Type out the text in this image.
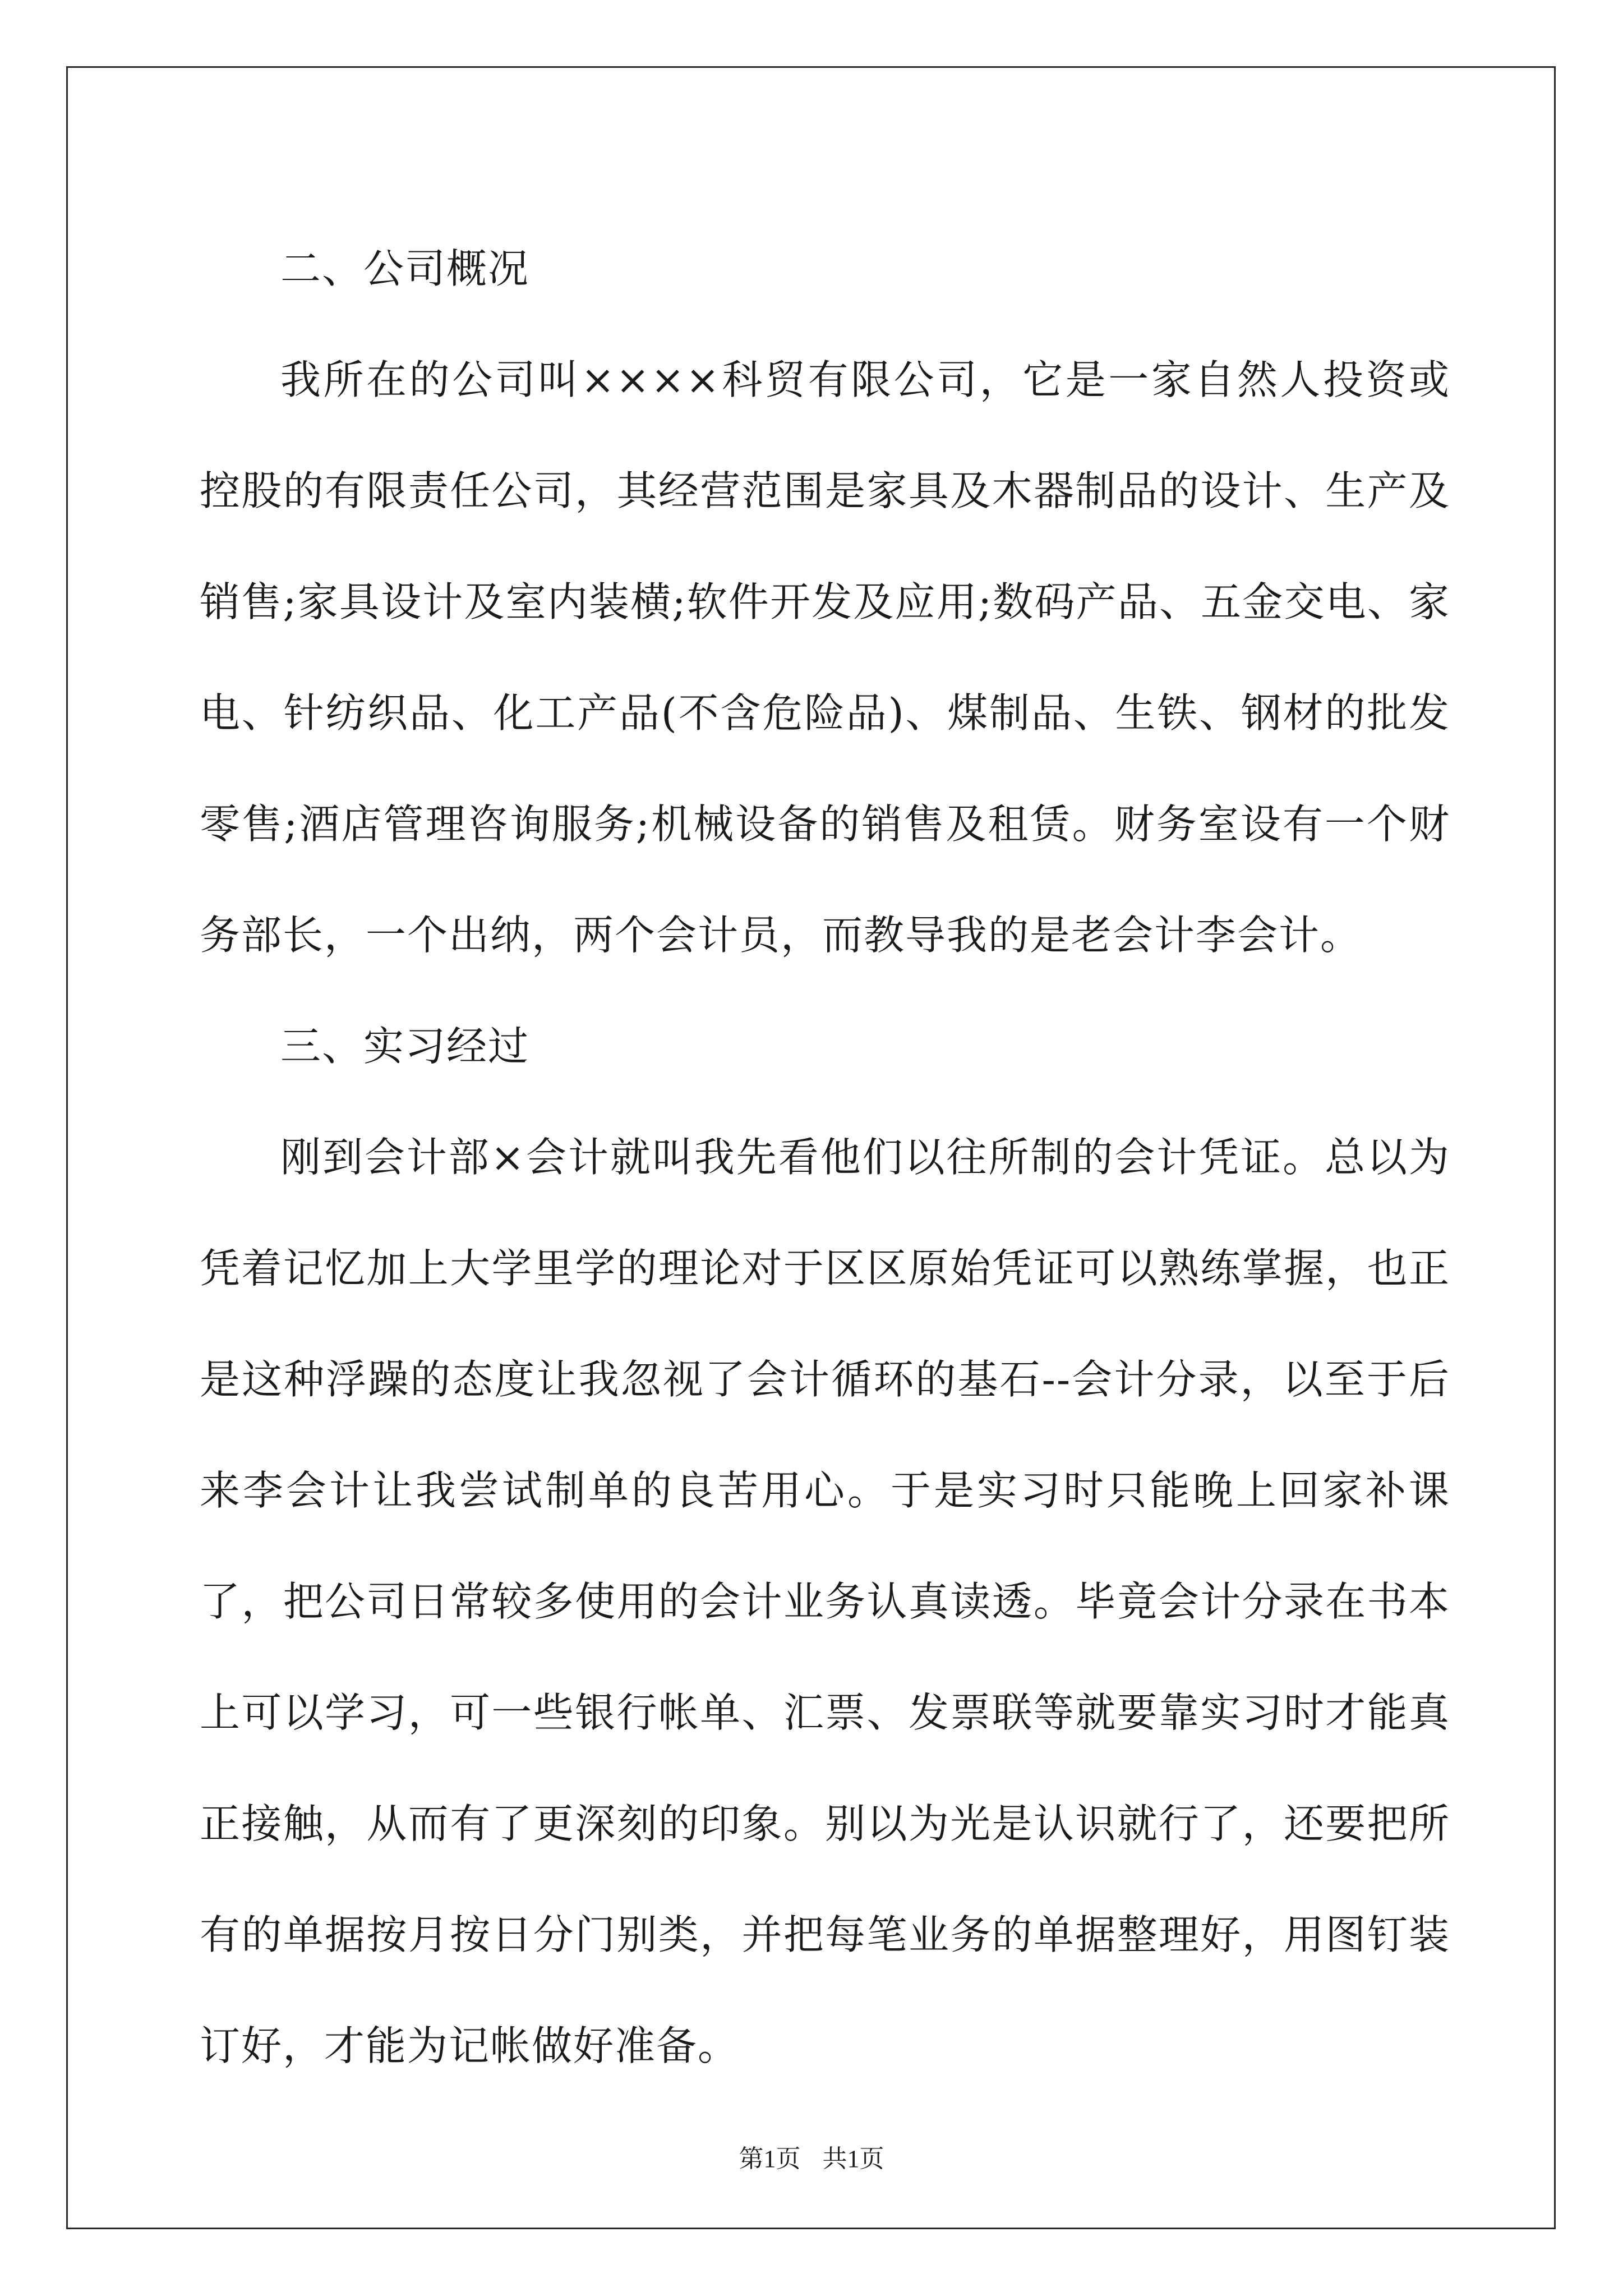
二、公司概况

我所在的公司叫××××科贸有限公司，它是一家自然人投资或控股的有限责任公司，其经营范围是家具及木器制品的设计、生产及销售;家具设计及室内装横;软件开发及应用;数码产品、五金交电、家电、针纺织品、化工产品(不含危险品)、煤制品、生铁、钢材的批发零售;酒店管理咨询服务;机械设备的销售及租赁。财务室设有一个财务部长，一个出纳，两个会计员，而教导我的是老会计李会计。

三、实习经过

刚到会计部×会计就叫我先看他们以往所制的会计凭证。总以为凭着记忆加上大学里学的理论对于区区原始凭证可以熟练掌握，也正是这种浮躁的态度让我忽视了会计循环的基石--会计分录，以至于后来李会计让我尝试制单的良苦用心。于是实习时只能晚上回家补课了，把公司日常较多使用的会计业务认真读透。毕竟会计分录在书本上可以学习，可一些银行帐单、汇票、发票联等就要靠实习时才能真正接触，从而有了更深刻的印象。别以为光是认识就行了，还要把所有的单据按月按日分门别类，并把每笔业务的单据整理好，用图钉装订好，才能为记帐做好准备。

第1页 共1页
